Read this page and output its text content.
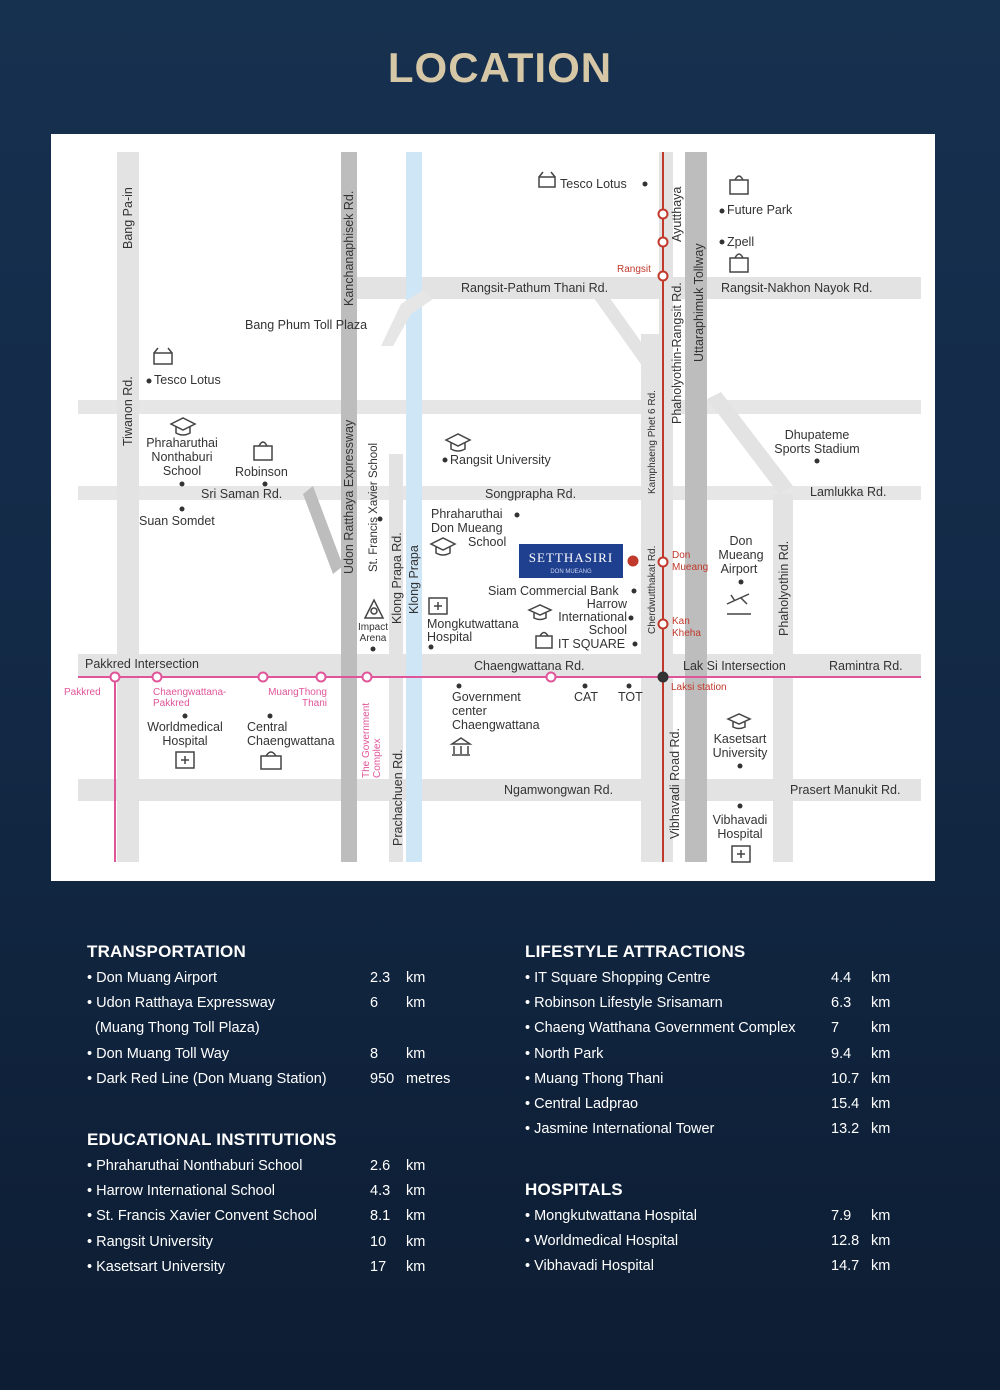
LOCATION
SETTHASIRI
DON MUEANG
Bang Pa-in
Tiwanon Rd.
Kanchanaphisek Rd.
Udon Ratthaya Expressway St. Francis Xavier School
Klong Prapa Rd. Klong Prapa
Prachachuen Rd.
Rangsit-Pathum Thani Rd.	Rangsit-Nakhon Nayok Rd.
Bang Phum Toll Plaza
Sri Saman Rd.	Songprapha Rd.	Lamlukka Rd.
Chaengwattana Rd.
Pakkred Intersection	Lak Si Intersection	Ramintra Rd.
Ngamwongwan Rd.	Prasert Manukit Rd.
Ayutthaya
Phaholyothin-Rangsit Rd. Uttaraphimuk Tollway
Kamphaeng Phet 6 Rd.
Cherdwutthakat Rd.
Vibhavadi Road Rd.
Phaholyothin Rd.
Tesco Lotus
Future Park
Zpell
Tesco Lotus
Phraharuthai Nonthaburi School	Robinson
Suan Somdet
Rangsit University
Dhupateme Sports Stadium
Phraharuthai Don Mueang School
Siam Commercial Bank
Harrow International School
IT SQUARE
Mongkutwattana Hospital
Impact Arena
Don Mueang Airport
Government center Chaengwattana
CAT TOT
Worldmedical Hospital
Central Chaengwattana	Kasetsart University
Vibhavadi Hospital
Rangsit
Don Mueang
Kan Kheha
Laksi station
Pakkred	Chaengwattana-Pakkred
MuangThong Thani	The GovernmentComplex
TRANSPORTATION
• Don Muang Airport	2.3 km
• Udon Ratthaya Expressway	6 km
(Muang Thong Toll Plaza)
• Don Muang Toll Way	8 km
• Dark Red Line (Don Muang Station)	950 metres
EDUCATIONAL INSTITUTIONS
• Phraharuthai Nonthaburi School	2.6 km
• Harrow International School	4.3 km
• St. Francis Xavier Convent School	8.1 km
• Rangsit University	10 km
• Kasetsart University	17 km
LIFESTYLE ATTRACTIONS
• IT Square Shopping Centre	4.4 km
• Robinson Lifestyle Srisamarn	6.3 km
• Chaeng Watthana Government Complex 7 km
• North Park	9.4 km
• Muang Thong Thani	10.7 km
• Central Ladprao	15.4 km
• Jasmine International Tower	13.2 km
HOSPITALS
• Mongkutwattana Hospital	7.9 km
• Worldmedical Hospital	12.8 km
• Vibhavadi Hospital	14.7 km
